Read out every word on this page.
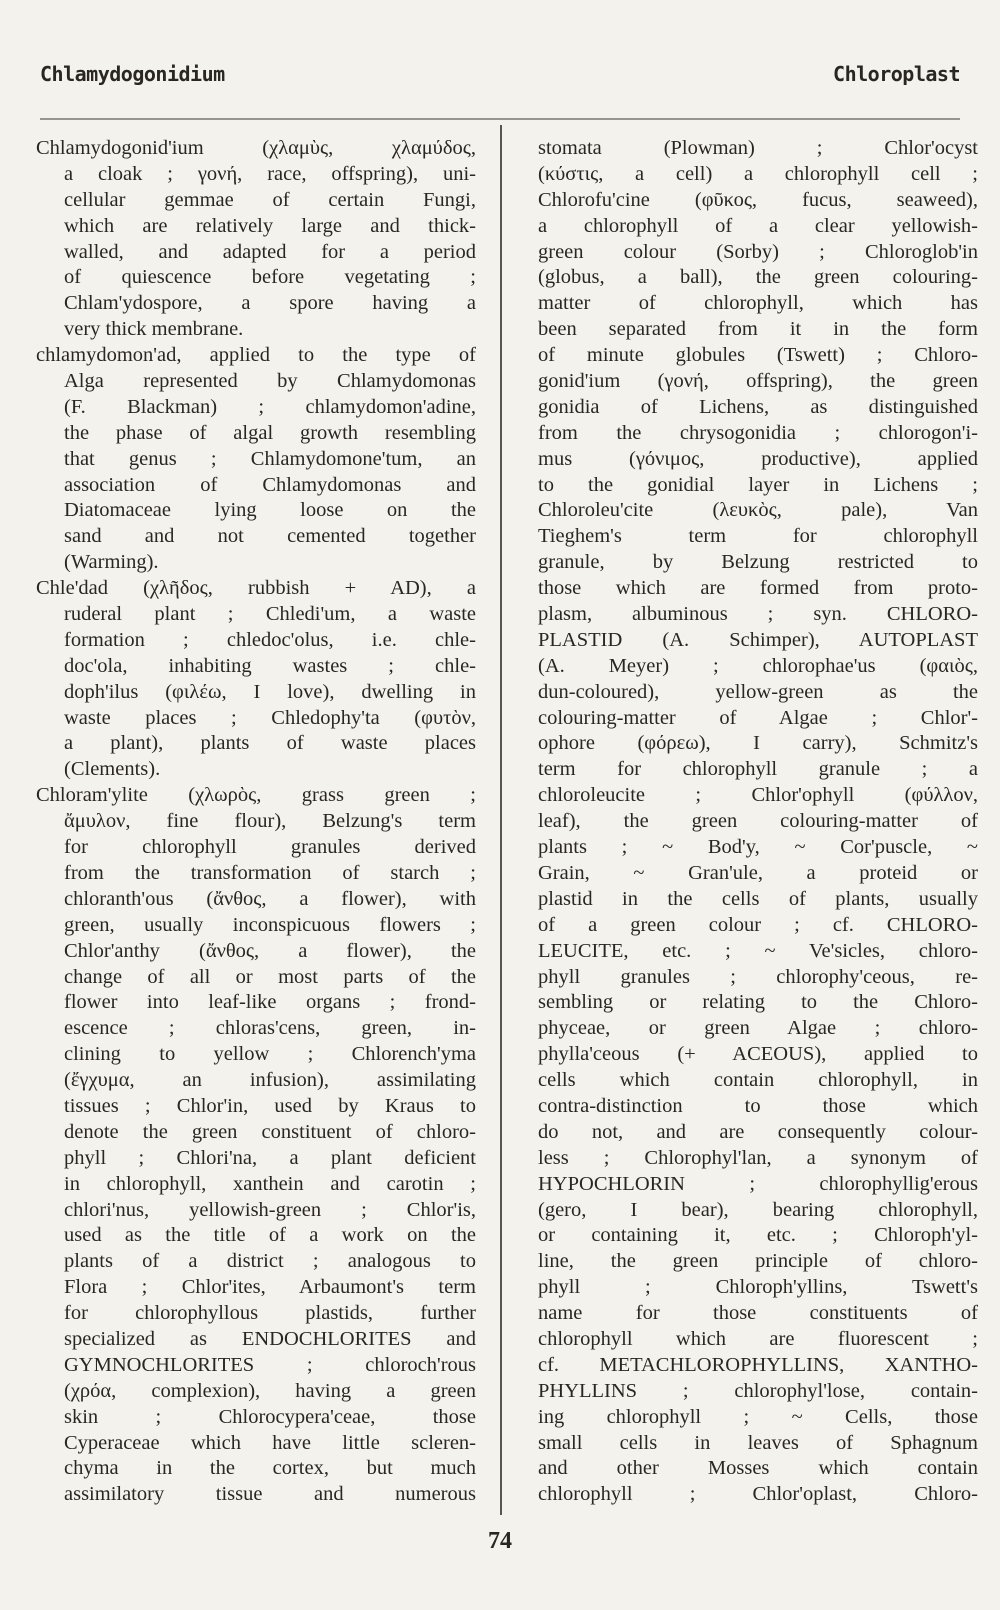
Chlamydogonidium	Chloroplast
Chlamydogonid'ium (χλαμὺς, χλαμύδος,
a cloak ; γονή, race, offspring), uni-
cellular gemmae of certain Fungi,
which are relatively large and thick-
walled, and adapted for a period
of quiescence before vegetating ;
Chlam'ydospore, a spore having a
very thick membrane.
chlamydomon'ad, applied to the type of
Alga represented by Chlamydomonas
(F. Blackman) ; chlamydomon'adine,
the phase of algal growth resembling
that genus ; Chlamydomone'tum, an
association of Chlamydomonas and
Diatomaceae lying loose on the
sand and not cemented together
(Warming).
Chle'dad (χλῆδος, rubbish + AD), a
ruderal plant ; Chledi'um, a waste
formation ; chledoc'olus, i.e. chle-
doc'ola, inhabiting wastes ; chle-
doph'ilus (φιλέω, I love), dwelling in
waste places ; Chledophy'ta (φυτὸν,
a plant), plants of waste places
(Clements).
Chloram'ylite (χλωρὸς, grass green ;
ἄμυλον, fine flour), Belzung's term
for chlorophyll granules derived
from the transformation of starch ;
chloranth'ous (ἄνθος, a flower), with
green, usually inconspicuous flowers ;
Chlor'anthy (ἄνθος, a flower), the
change of all or most parts of the
flower into leaf-like organs ; frond-
escence ; chloras'cens, green, in-
clining to yellow ; Chlorench'yma
(ἔγχυμα, an infusion), assimilating
tissues ; Chlor'in, used by Kraus to
denote the green constituent of chloro-
phyll ; Chlori'na, a plant deficient
in chlorophyll, xanthein and carotin ;
chlori'nus, yellowish-green ; Chlor'is,
used as the title of a work on the
plants of a district ; analogous to
Flora ; Chlor'ites, Arbaumont's term
for chlorophyllous plastids, further
specialized as ENDOCHLORITES and
GYMNOCHLORITES ; chloroch'rous
(χρόα, complexion), having a green
skin ; Chlorocypera'ceae, those
Cyperaceae which have little scleren-
chyma in the cortex, but much
assimilatory tissue and numerous
stomata (Plowman) ; Chlor'ocyst
(κύστις, a cell) a chlorophyll cell ;
Chlorofu'cine (φῦκος, fucus, seaweed),
a chlorophyll of a clear yellowish-
green colour (Sorby) ; Chloroglob'in
(globus, a ball), the green colouring-
matter of chlorophyll, which has
been separated from it in the form
of minute globules (Tswett) ; Chloro-
gonid'ium (γονή, offspring), the green
gonidia of Lichens, as distinguished
from the chrysogonidia ; chlorogon'i-
mus (γόνιμος, productive), applied
to the gonidial layer in Lichens ;
Chloroleu'cite (λευκὸς, pale), Van
Tieghem's term for chlorophyll
granule, by Belzung restricted to
those which are formed from proto-
plasm, albuminous ; syn. CHLORO-
PLASTID (A. Schimper), AUTOPLAST
(A. Meyer) ; chlorophae'us (φαιὸς,
dun-coloured), yellow-green as the
colouring-matter of Algae ; Chlor'-
ophore (φόρεω), I carry), Schmitz's
term for chlorophyll granule ; a
chloroleucite ; Chlor'ophyll (φύλλον,
leaf), the green colouring-matter of
plants ; ~ Bod'y, ~ Cor'puscle, ~
Grain, ~ Gran'ule, a proteid or
plastid in the cells of plants, usually
of a green colour ; cf. CHLORO-
LEUCITE, etc. ; ~ Ve'sicles, chloro-
phyll granules ; chlorophy'ceous, re-
sembling or relating to the Chloro-
phyceae, or green Algae ; chloro-
phylla'ceous (+ ACEOUS), applied to
cells which contain chlorophyll, in
contra-distinction to those which
do not, and are consequently colour-
less ; Chlorophyl'lan, a synonym of
HYPOCHLORIN ; chlorophyllig'erous
(gero, I bear), bearing chlorophyll,
or containing it, etc. ; Chloroph'yl-
line, the green principle of chloro-
phyll ; Chloroph'yllins, Tswett's
name for those constituents of
chlorophyll which are fluorescent ;
cf. METACHLOROPHYLLINS, XANTHO-
PHYLLINS ; chlorophyl'lose, contain-
ing chlorophyll ; ~ Cells, those
small cells in leaves of Sphagnum
and other Mosses which contain
chlorophyll ; Chlor'oplast, Chloro-
74
